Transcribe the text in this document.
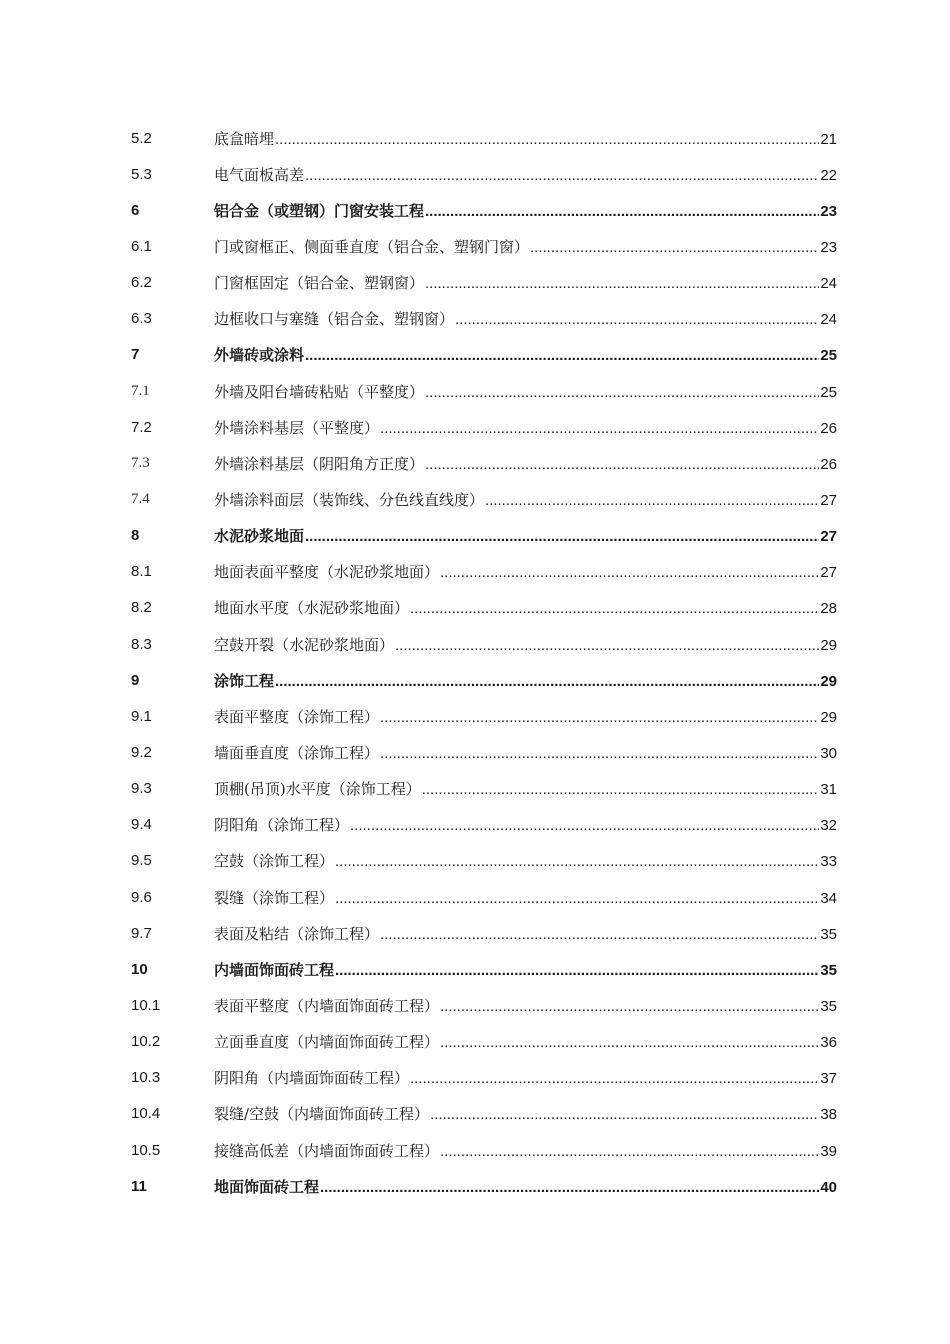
5.2	底盒暗埋 .....	21
5.3	电气面板高差 .....	22
6	铝合金（或塑钢）门窗安装工程 .....	23
6.1	门或窗框正、侧面垂直度（铝合金、塑钢门窗） .....	23
6.2	门窗框固定（铝合金、塑钢窗） .....	24
6.3	边框收口与塞缝（铝合金、塑钢窗） .....	24
7	外墙砖或涂料 .....	25
7.1	外墙及阳台墙砖粘贴（平整度） .....	25
7.2	外墙涂料基层（平整度） .....	26
7.3	外墙涂料基层（阴阳角方正度） .....	26
7.4	外墙涂料面层（装饰线、分色线直线度） .....	27
8	水泥砂浆地面 .....	27
8.1	地面表面平整度（水泥砂浆地面） .....	27
8.2	地面水平度（水泥砂浆地面） .....	28
8.3	空鼓开裂（水泥砂浆地面） .....	29
9	涂饰工程 .....	29
9.1	表面平整度（涂饰工程） .....	29
9.2	墙面垂直度（涂饰工程） .....	30
9.3	顶棚(吊顶)水平度（涂饰工程） .....	31
9.4	阴阳角（涂饰工程） .....	32
9.5	空鼓（涂饰工程） .....	33
9.6	裂缝（涂饰工程） .....	34
9.7	表面及粘结（涂饰工程） .....	35
10	内墙面饰面砖工程 .....	35
10.1	表面平整度（内墙面饰面砖工程） .....	35
10.2	立面垂直度（内墙面饰面砖工程） .....	36
10.3	阴阳角（内墙面饰面砖工程） .....	37
10.4	裂缝/空鼓（内墙面饰面砖工程） .....	38
10.5	接缝高低差（内墙面饰面砖工程） .....	39
11	地面饰面砖工程 .....	40
